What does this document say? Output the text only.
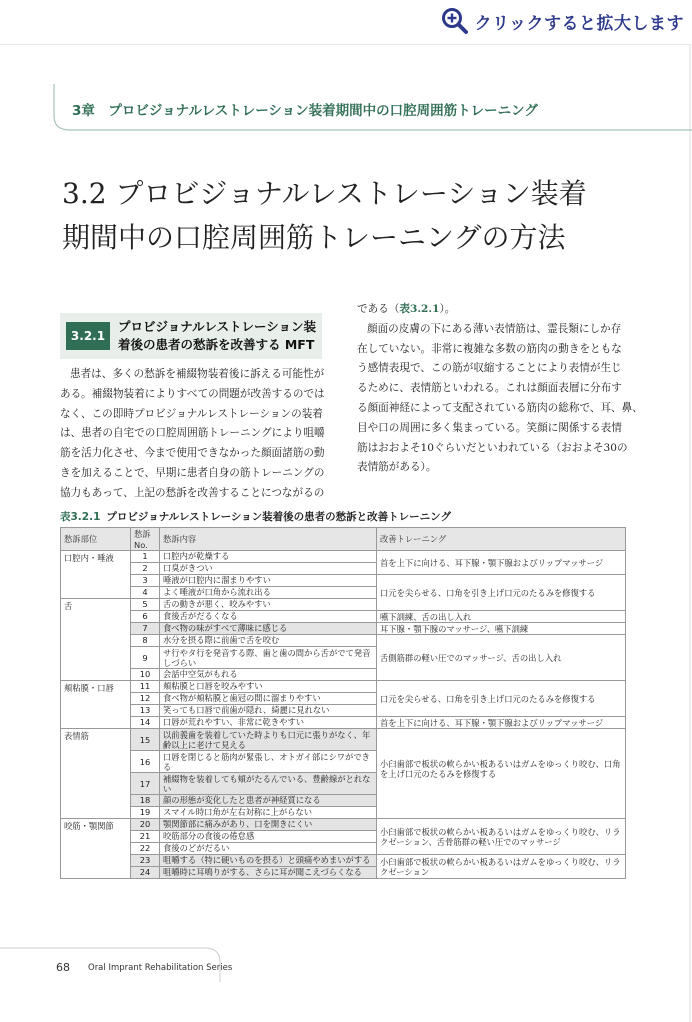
クリックすると拡大します
3章　プロビジョナルレストレーション装着期間中の口腔周囲筋トレーニング
3.2 プロビジョナルレストレーション装着
期間中の口腔周囲筋トレーニングの方法
3.2.1
プロビジョナルレストレーション装
着後の患者の愁訴を改善する MFT
患者は、多くの愁訴を補綴物装着後に訴える可能性が
ある。補綴物装着によりすべての問題が改善するのでは
なく、この即時プロビジョナルレストレーションの装着
は、患者の自宅での口腔周囲筋トレーニングにより咀嚼
筋を活力化させ、今まで使用できなかった顔面諸筋の動
きを加えることで、早期に患者自身の筋トレーニングの
協力もあって、上記の愁訴を改善することにつながるの
である（表3.2.1）。
顔面の皮膚の下にある薄い表情筋は、霊長類にしか存
在していない。非常に複雑な多数の筋肉の動きをともな
う感情表現で、この筋が収縮することにより表情が生じ
るために、表情筋といわれる。これは顔面表層に分布す
る顔面神経によって支配されている筋肉の総称で、耳、鼻、
目や口の周囲に多く集まっている。笑顔に関係する表情
筋はおおよそ10ぐらいだといわれている（おおよそ30の
表情筋がある）。
表3.2.1 プロビジョナルレストレーション装着後の患者の愁訴と改善トレーニング
愁訴部位	愁訴 No.	愁訴内容	改善トレーニング
口腔内・唾液	1	口腔内が乾燥する	首を上下に向ける、耳下腺・顎下腺およびリップマッサージ
	2	口臭がきつい	
	3	唾液が口腔内に溜まりやすい	口元を尖らせる、口角を引き上げ口元のたるみを修復する
	4	よく唾液が口角から流れ出る	
舌	5	舌の動きが悪く、咬みやすい	
	6	食後舌がだるくなる	嚥下訓練、舌の出し入れ
	7	食べ物の味がすべて薄味に感じる	耳下腺・顎下腺のマッサージ、嚥下訓練
	8	水分を摂る際に前歯で舌を咬む	舌側筋群の軽い圧でのマッサージ、舌の出し入れ
	9	サ行やタ行を発音する際、歯と歯の間から舌がでて発音しづらい	
	10	会話中空気がもれる	
頬粘膜・口唇	11	頬粘膜と口唇を咬みやすい	口元を尖らせる、口角を引き上げ口元のたるみを修復する
	12	食べ物が頬粘膜と歯冠の間に溜まりやすい	
	13	笑っても口唇で前歯が隠れ、綺麗に見れない	
	14	口唇が荒れやすい、非常に乾きやすい	首を上下に向ける、耳下腺・顎下腺およびリップマッサージ
表情筋	15	以前義歯を装着していた時よりも口元に張りがなく、年齢以上に老けて見える	小臼歯部で板状の軟らかい板あるいはガムをゆっくり咬む、口角を上げ口元のたるみを修復する
	16	口唇を閉じると筋肉が緊張し、オトガイ部にシワができる	
	17	補綴物を装着しても頬がたるんでいる、豊齢線がとれない	
	18	顔の形態が変化したと患者が神経質になる	
	19	スマイル時口角が左右対称に上がらない	
咬筋・顎関節	20	顎関節部に痛みがあり、口を開きにくい	小臼歯部で板状の軟らかい板あるいはガムをゆっくり咬む、リラクゼーション、舌骨筋群の軽い圧でのマッサージ
	21	咬筋部分の食後の倦怠感	
	22	食後のどがだるい	
	23	咀嚼する（特に硬いものを摂る）と頭痛やめまいがする	小臼歯部で板状の軟らかい板あるいはガムをゆっくり咬む、リラクゼーション
	24	咀嚼時に耳鳴りがする、さらに耳が聞こえづらくなる	
68 Oral Imprant Rehabilitation Series
